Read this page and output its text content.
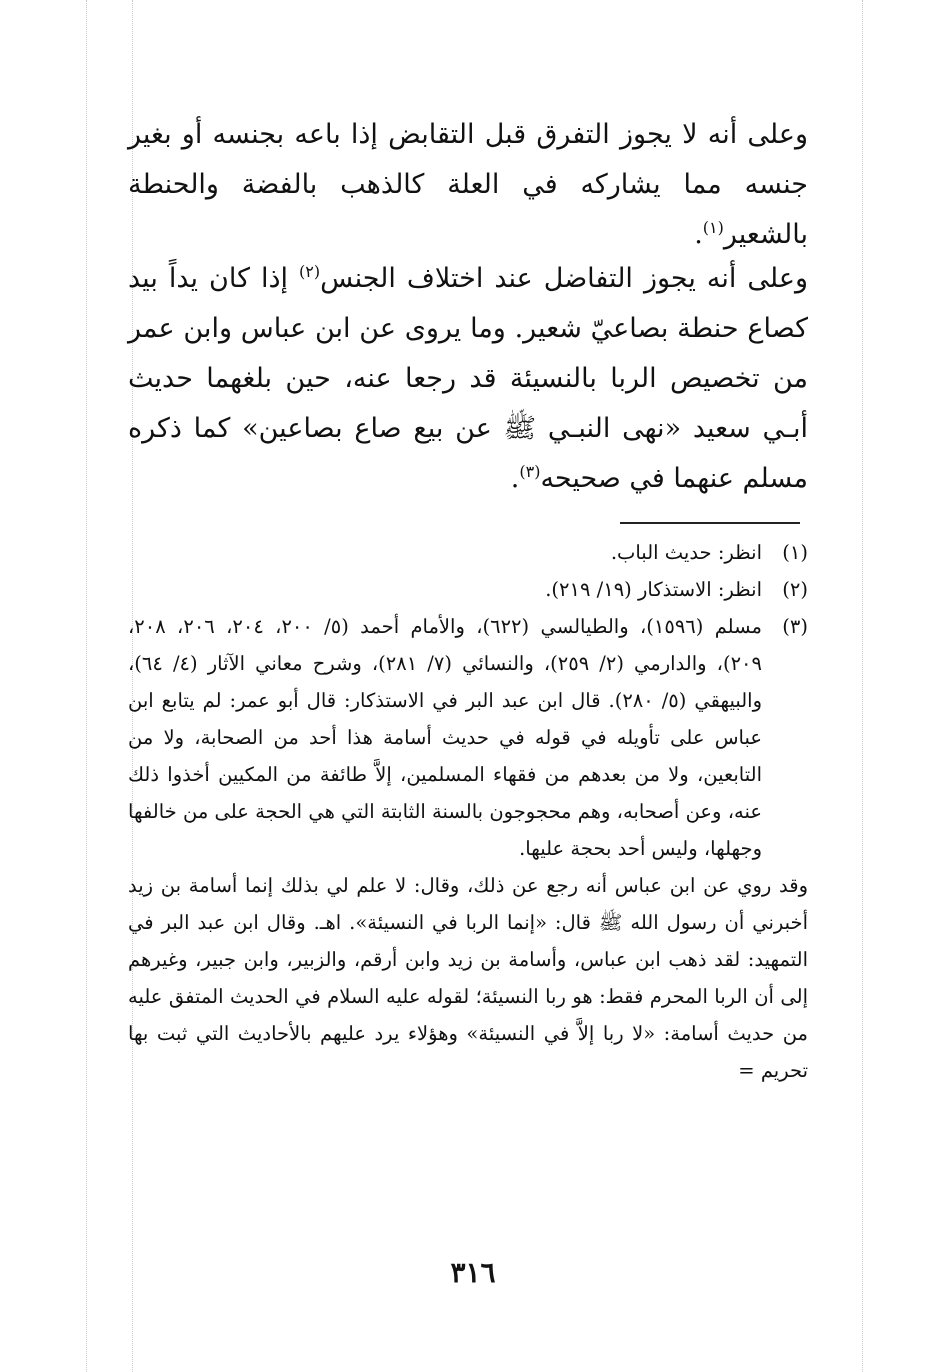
وعلى أنه لا يجوز التفرق قبل التقابض إذا باعه بجنسه أو بغير جنسه مما يشاركه في العلة كالذهب بالفضة والحنطة بالشعير$^{(١)}$.

وعلى أنه يجوز التفاضل عند اختلاف الجنس$^{(٢)}$ إذا كان يداً بيد كصاع حنطة بصاعيّ شعير. وما يروى عن ابن عباس وابن عمر من تخصيص الربا بالنسيئة قد رجعا عنه، حين بلغهما حديث أبـي سعيد «نهى النبـي ﷺ عن بيع صاع بصاعين» كما ذكره مسلم عنهما في صحيحه$^{(٣)}$.

(١)
انظر: حديث الباب.
(٢)
انظر: الاستذكار (١٩/ ٢١٩).
(٣)
مسلم (١٥٩٦)، والطيالسي (٦٢٢)، والأمام أحمد (٥/ ٢٠٠، ٢٠٤، ٢٠٦، ٢٠٨، ٢٠٩)، والدارمي (٢/ ٢٥٩)، والنسائي (٧/ ٢٨١)، وشرح معاني الآثار (٤/ ٦٤)، والبيهقي (٥/ ٢٨٠). قال ابن عبد البر في الاستذكار: قال أبو عمر: لم يتابع ابن عباس على تأويله في قوله في حديث أسامة هذا أحد من الصحابة، ولا من التابعين، ولا من بعدهم من فقهاء المسلمين، إلاَّ طائفة من المكيين أخذوا ذلك عنه، وعن أصحابه، وهم محجوجون بالسنة الثابتة التي هي الحجة على من خالفها وجهلها، وليس أحد بحجة عليها.

وقد روي عن ابن عباس أنه رجع عن ذلك، وقال: لا علم لي بذلك إنما أسامة بن زيد أخبرني أن رسول الله ﷺ قال: «إنما الربا في النسيئة». اهـ. وقال ابن عبد البر في التمهيد: لقد ذهب ابن عباس، وأسامة بن زيد وابن أرقم، والزبير، وابن جبير، وغيرهم إلى أن الربا المحرم فقط: هو ربا النسيئة؛ لقوله عليه السلام في الحديث المتفق عليه من حديث أسامة: «لا ربا إلاَّ في النسيئة» وهؤلاء يرد عليهم بالأحاديث التي ثبت بها تحريم =

٣١٦
